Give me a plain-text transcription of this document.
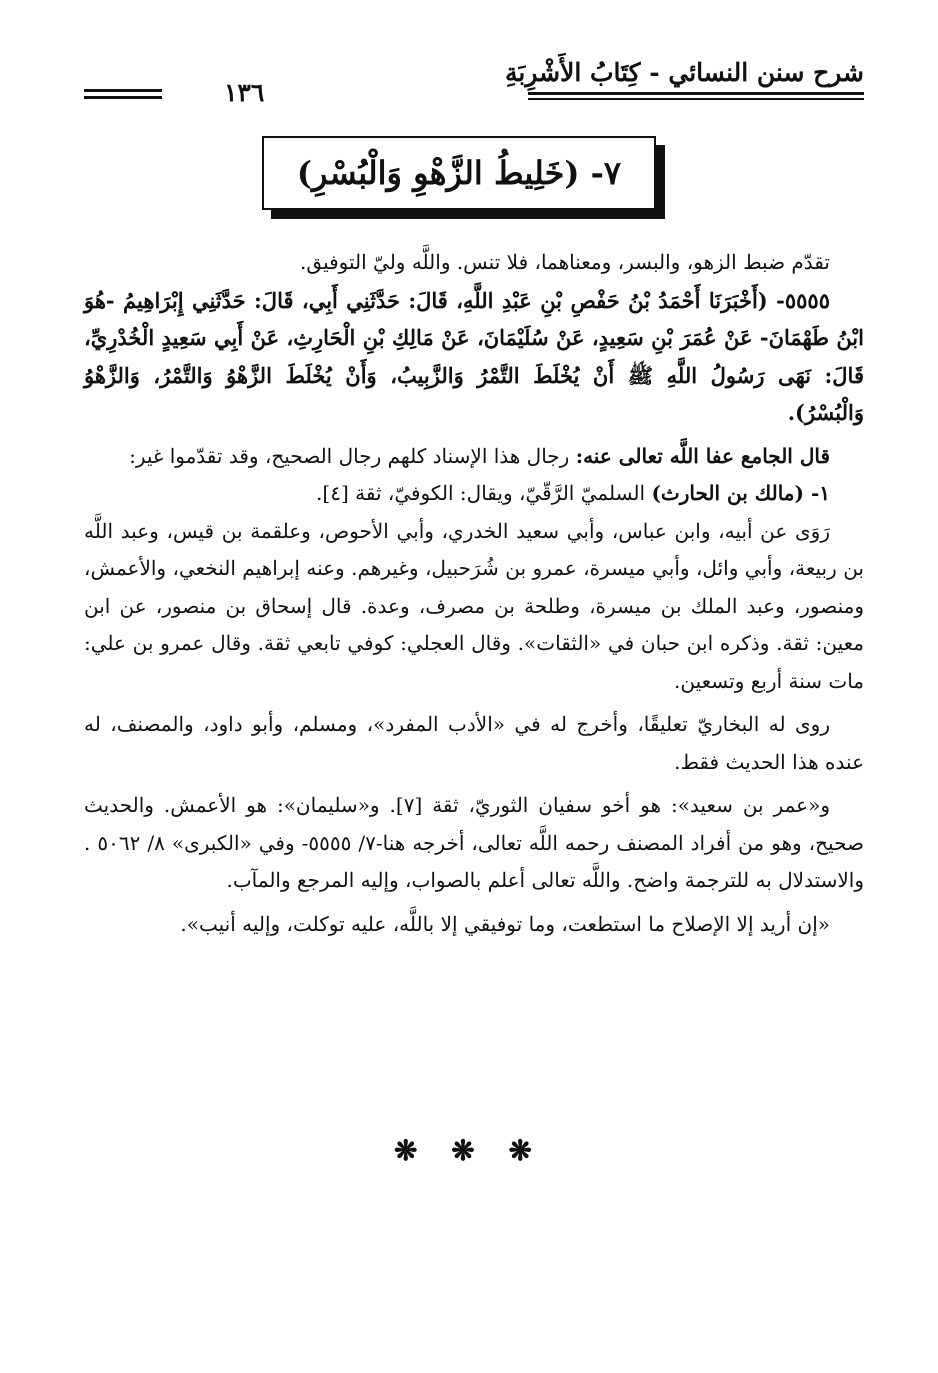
شرح سنن النسائي - كِتَابُ الأَشْرِبَةِ
١٣٦
٧- (خَلِيطُ الزَّهْوِ وَالْبُسْرِ)

تقدّم ضبط الزهو، والبسر، ومعناهما، فلا تنس. واللَّه وليّ التوفيق.

٥٥٥٥- (أَخْبَرَنَا أَحْمَدُ بْنُ حَفْصِ بْنِ عَبْدِ اللَّهِ، قَالَ: حَدَّثَنِي أَبِي، قَالَ: حَدَّثَنِي إِبْرَاهِيمُ -هُوَ ابْنُ طَهْمَانَ- عَنْ عُمَرَ بْنِ سَعِيدٍ، عَنْ سُلَيْمَانَ، عَنْ مَالِكِ بْنِ الْحَارِثِ، عَنْ أَبِي سَعِيدٍ الْخُدْرِيِّ، قَالَ: نَهَى رَسُولُ اللَّهِ ﷺ أَنْ يُخْلَطَ التَّمْرُ وَالزَّبِيبُ، وَأَنْ يُخْلَطَ الزَّهْوُ وَالتَّمْرُ، وَالزَّهْوُ وَالْبُسْرُ).

قال الجامع عفا اللَّه تعالى عنه: رجال هذا الإسناد كلهم رجال الصحيح، وقد تقدّموا غير:

١- (مالك بن الحارث) السلميّ الرَّقّيّ، ويقال: الكوفيّ، ثقة [٤].

رَوَى عن أبيه، وابن عباس، وأبي سعيد الخدري، وأبي الأحوص، وعلقمة بن قيس، وعبد اللَّه بن ربيعة، وأبي وائل، وأبي ميسرة، عمرو بن شُرَحبيل، وغيرهم. وعنه إبراهيم النخعي، والأعمش، ومنصور، وعبد الملك بن ميسرة، وطلحة بن مصرف، وعدة. قال إسحاق بن منصور، عن ابن معين: ثقة. وذكره ابن حبان في «الثقات». وقال العجلي: كوفي تابعي ثقة. وقال عمرو بن علي: مات سنة أربع وتسعين.

روى له البخاريّ تعليقًا، وأخرج له في «الأدب المفرد»، ومسلم، وأبو داود، والمصنف، له عنده هذا الحديث فقط.

و«عمر بن سعيد»: هو أخو سفيان الثوريّ، ثقة [٧]. و«سليمان»: هو الأعمش. والحديث صحيح، وهو من أفراد المصنف رحمه اللَّه تعالى، أخرجه هنا-٧/ ٥٥٥٥- وفي «الكبرى» ٨/ ٥٠٦٢ . والاستدلال به للترجمة واضح. واللَّه تعالى أعلم بالصواب، وإليه المرجع والمآب.

«إن أريد إلا الإصلاح ما استطعت، وما توفيقي إلا باللَّه، عليه توكلت، وإليه أنيب».

❋ ❋ ❋
